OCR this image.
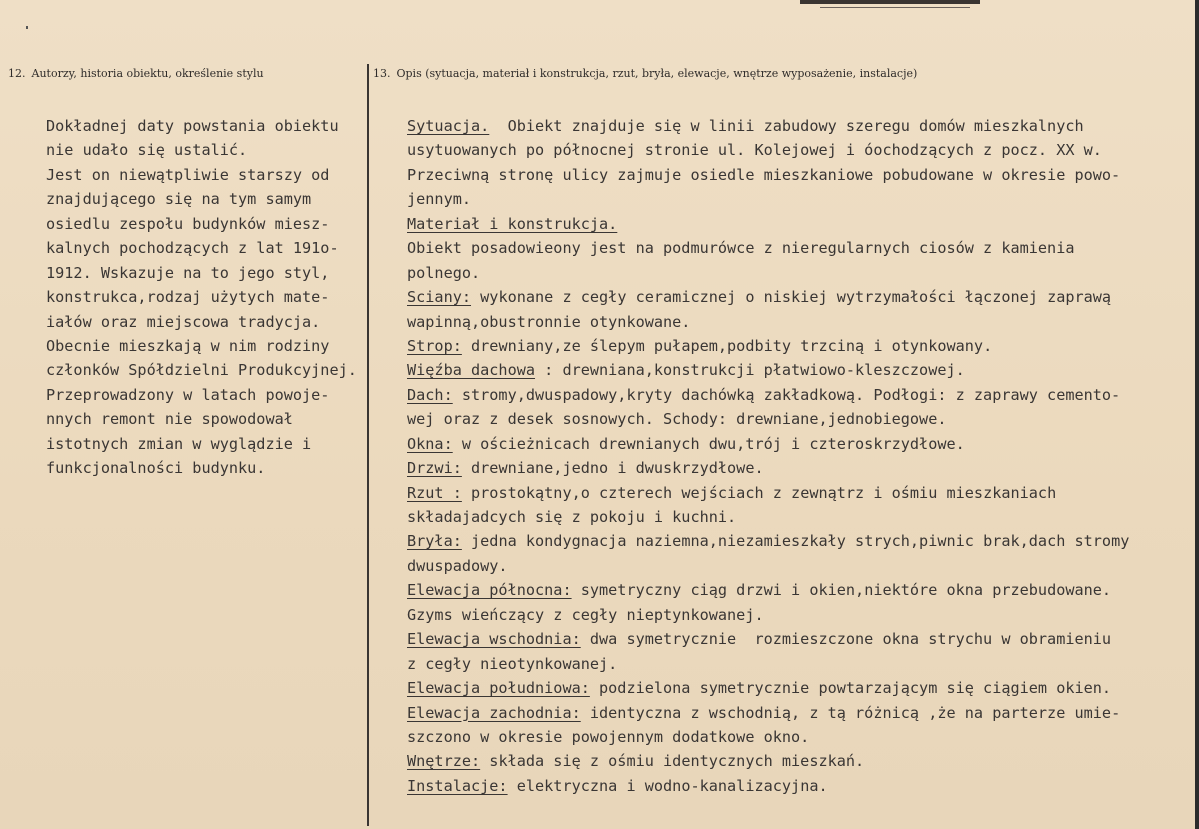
12. Autorzy, historia obiektu, określenie stylu	13. Opis (sytuacja, materiał i konstrukcja, rzut, bryła, elewacje, wnętrze wyposażenie, instalacje)
Dokładnej daty powstania obiektu
nie udało się ustalić.
Jest on niewątpliwie starszy od
znajdującego się na tym samym
osiedlu zespołu budynków miesz-
kalnych pochodzących z lat 191o-
1912. Wskazuje na to jego styl,
konstrukca,rodzaj użytych mate-
iałów oraz miejscowa tradycja.
Obecnie mieszkają w nim rodziny
członków Spółdzielni Produkcyjnej.
Przeprowadzony w latach powoje-
nnych remont nie spowodował
istotnych zmian w wyglądzie i
funkcjonalności budynku.
Sytuacja.  Obiekt znajduje się w linii zabudowy szeregu domów mieszkalnych
usytuowanych po północnej stronie ul. Kolejowej i óochodzących z pocz. XX w.
Przeciwną stronę ulicy zajmuje osiedle mieszkaniowe pobudowane w okresie powo-
jennym.
Materiał i konstrukcja.
Obiekt posadowieony jest na podmurówce z nieregularnych ciosów z kamienia
polnego.
Sciany: wykonane z cegły ceramicznej o niskiej wytrzymałości łączonej zaprawą
wapinną,obustronnie otynkowane.
Strop: drewniany,ze ślepym pułapem,podbity trzciną i otynkowany.
Więźba dachowa : drewniana,konstrukcji płatwiowo-kleszczowej.
Dach: stromy,dwuspadowy,kryty dachówką zakładkową. Podłogi: z zaprawy cemento-
wej oraz z desek sosnowych. Schody: drewniane,jednobiegowe.
Okna: w ościeżnicach drewnianych dwu,trój i czteroskrzydłowe.
Drzwi: drewniane,jedno i dwuskrzydłowe.
Rzut : prostokątny,o czterech wejściach z zewnątrz i ośmiu mieszkaniach
składajadcych się z pokoju i kuchni.
Bryła: jedna kondygnacja naziemna,niezamieszkały strych,piwnic brak,dach stromy
dwuspadowy.
Elewacja północna: symetryczny ciąg drzwi i okien,niektóre okna przebudowane.
Gzyms wieńczący z cegły nieptynkowanej.
Elewacja wschodnia: dwa symetrycznie  rozmieszczone okna strychu w obramieniu
z cegły nieotynkowanej.
Elewacja południowa: podzielona symetrycznie powtarzającym się ciągiem okien.
Elewacja zachodnia: identyczna z wschodnią, z tą różnicą ,że na parterze umie-
szczono w okresie powojennym dodatkowe okno.
Wnętrze: składa się z ośmiu identycznych mieszkań.
Instalacje: elektryczna i wodno-kanalizacyjna.
